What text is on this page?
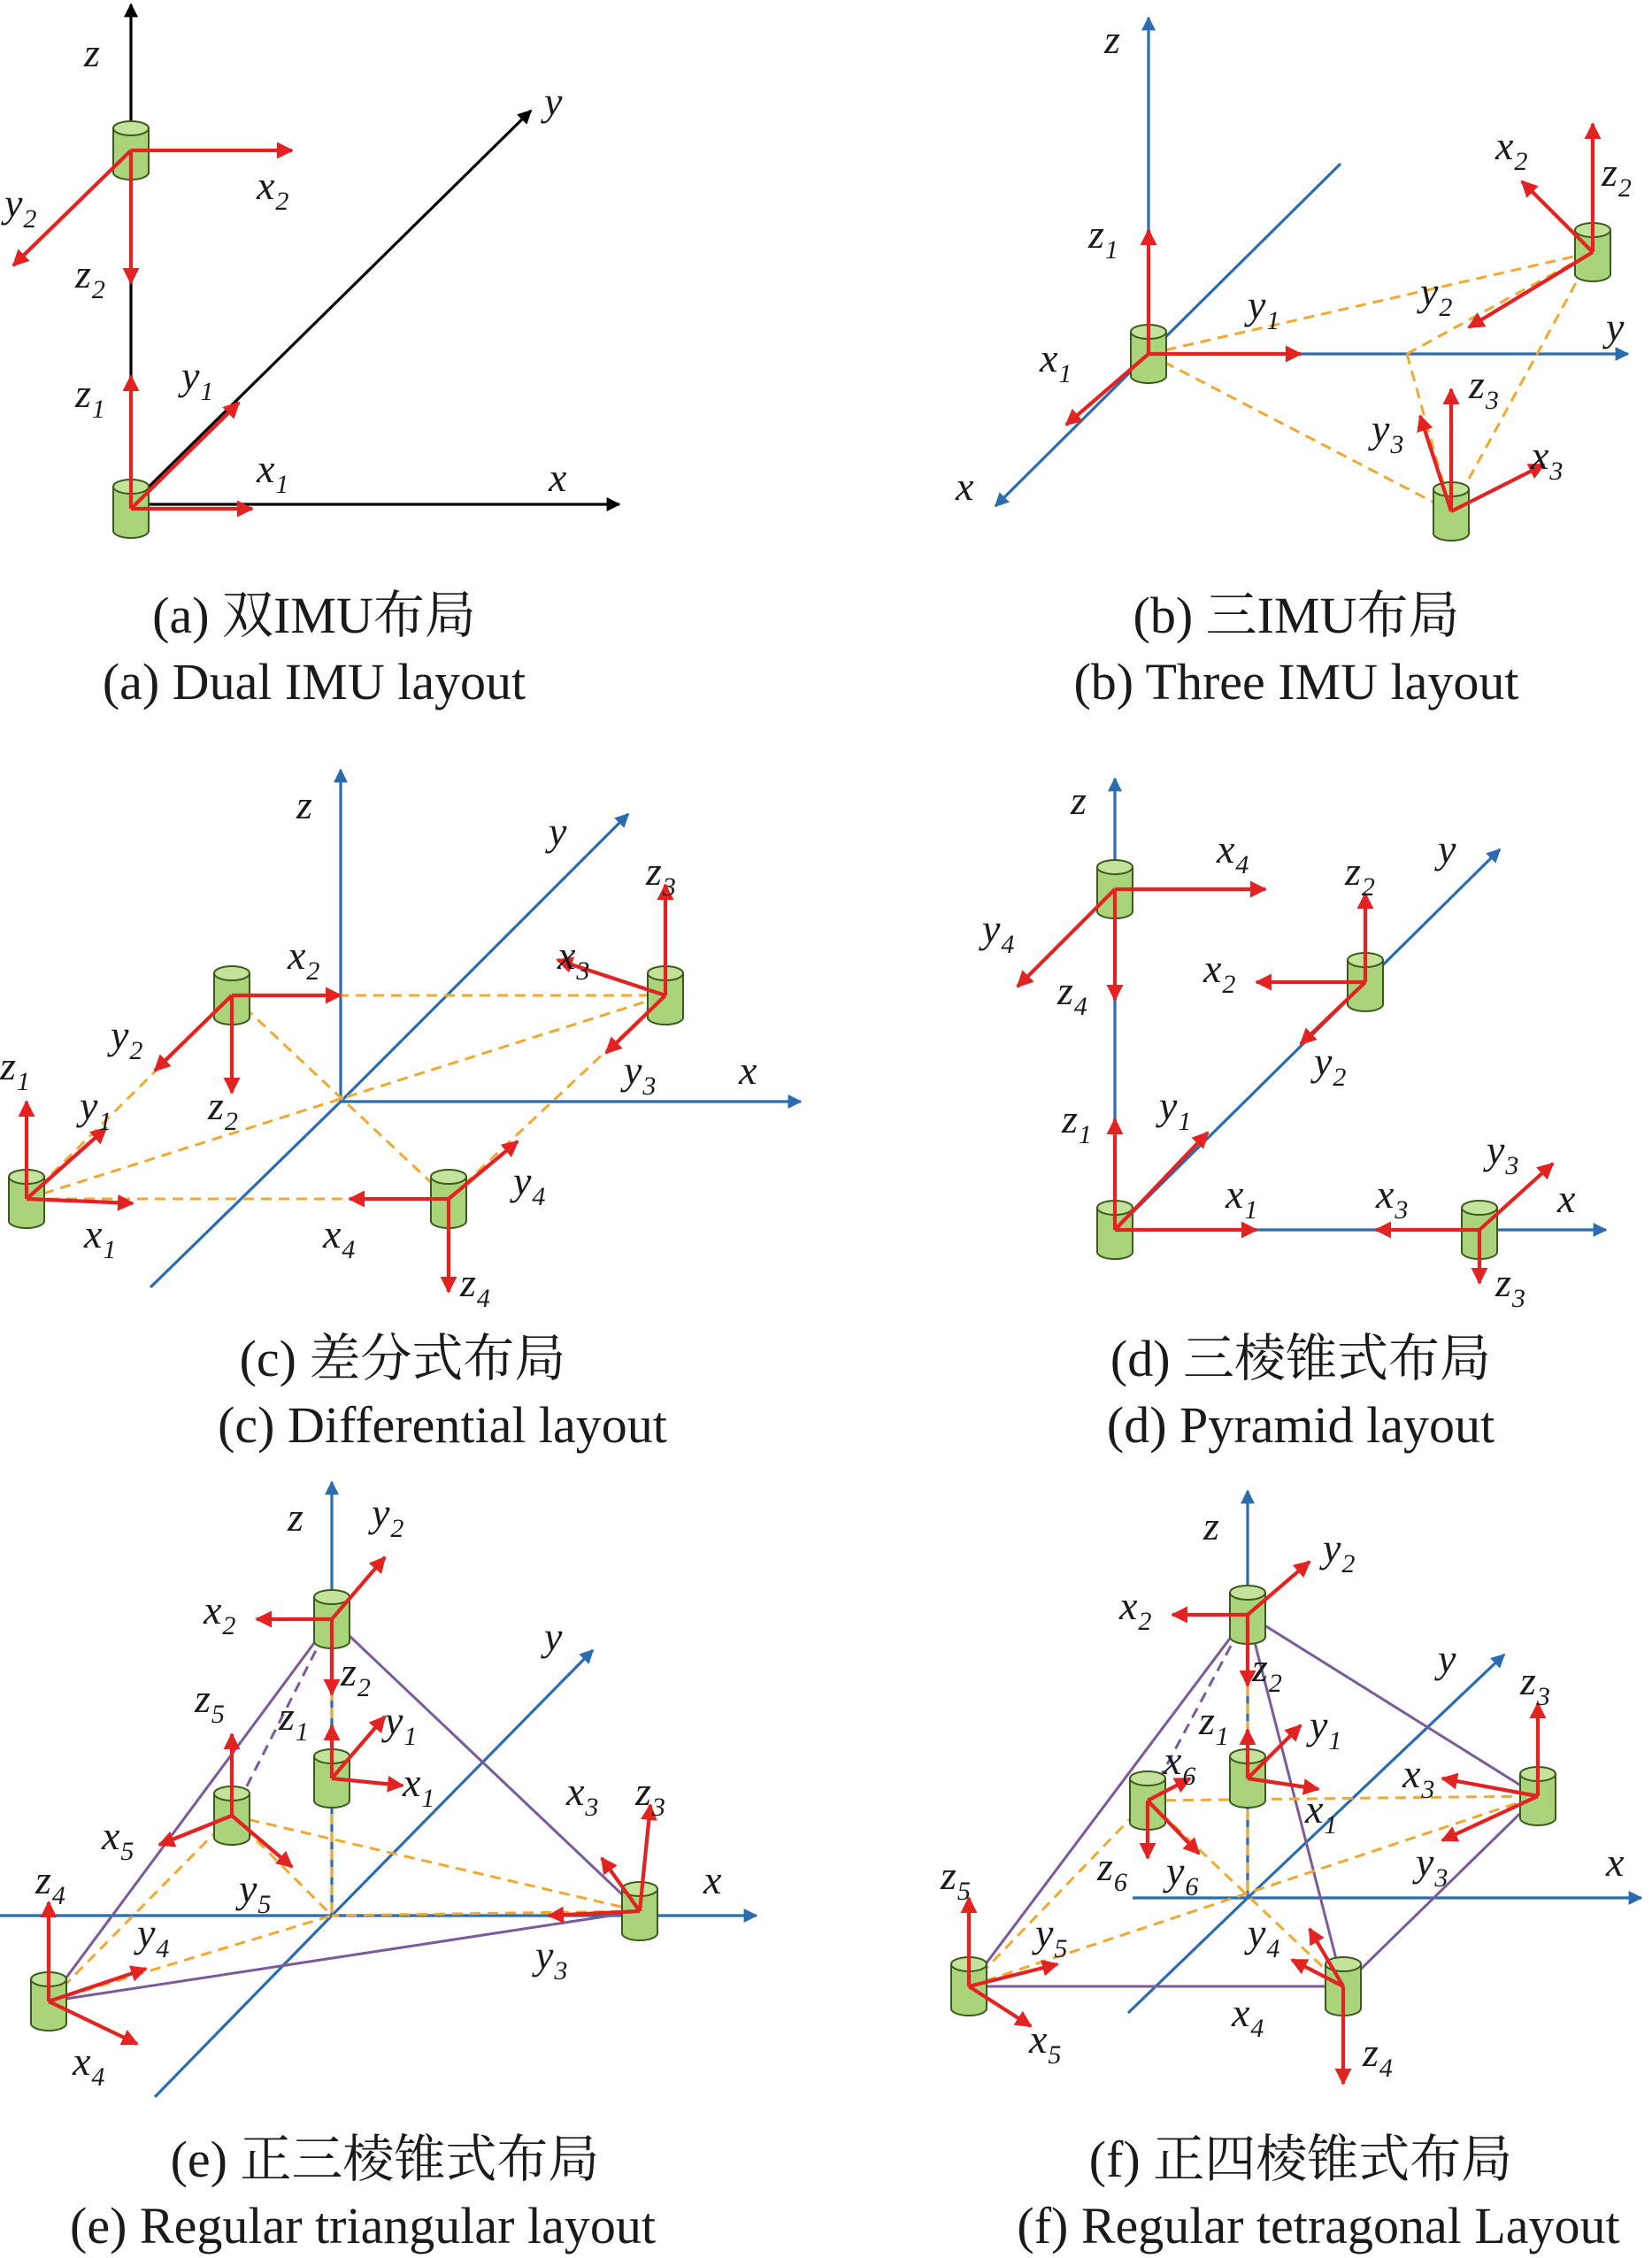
z
x
y
$x_1$
$y_1$
$z_1$
$x_2$
$y_2$
$z_2$
z
y
x
$x_1$
$y_1$
$z_1$
$x_2$
$y_2$
$z_2$
$x_3$
$y_3$
$z_3$
z
x
y
$x_1$
$y_1$
$z_1$
$x_2$
$y_2$
$z_2$
$x_3$
$y_3$
$z_3$
$x_4$
$y_4$
$z_4$
z
x
y
$x_1$
$y_1$
$z_1$
$x_2$
$y_2$
$z_2$
$x_3$
$y_3$
$z_3$
$x_4$
$y_4$
$z_4$
z
x
y
$x_1$
$y_1$
$z_1$
$x_2$
$y_2$
$z_2$
$x_3$
$y_3$
$z_3$
$x_4$
$y_4$
$z_4$
$x_5$
$y_5$
$z_5$
z
x
y
$x_1$
$y_1$
$z_1$
$x_2$
$y_2$
$z_2$
$x_3$
$y_3$
$z_3$
$x_4$
$y_4$
$z_4$
$x_5$
$y_5$
$z_5$
$x_6$
$y_6$
$z_6$
(a) 双IMU布局
(a) Dual IMU layout
(b) 三IMU布局
(b) Three IMU layout
(c) 差分式布局
(c) Differential layout
(d) 三棱锥式布局
(d) Pyramid layout
(e) 正三棱锥式布局
(e) Regular triangular layout
(f) 正四棱锥式布局
(f) Regular tetragonal Layout
